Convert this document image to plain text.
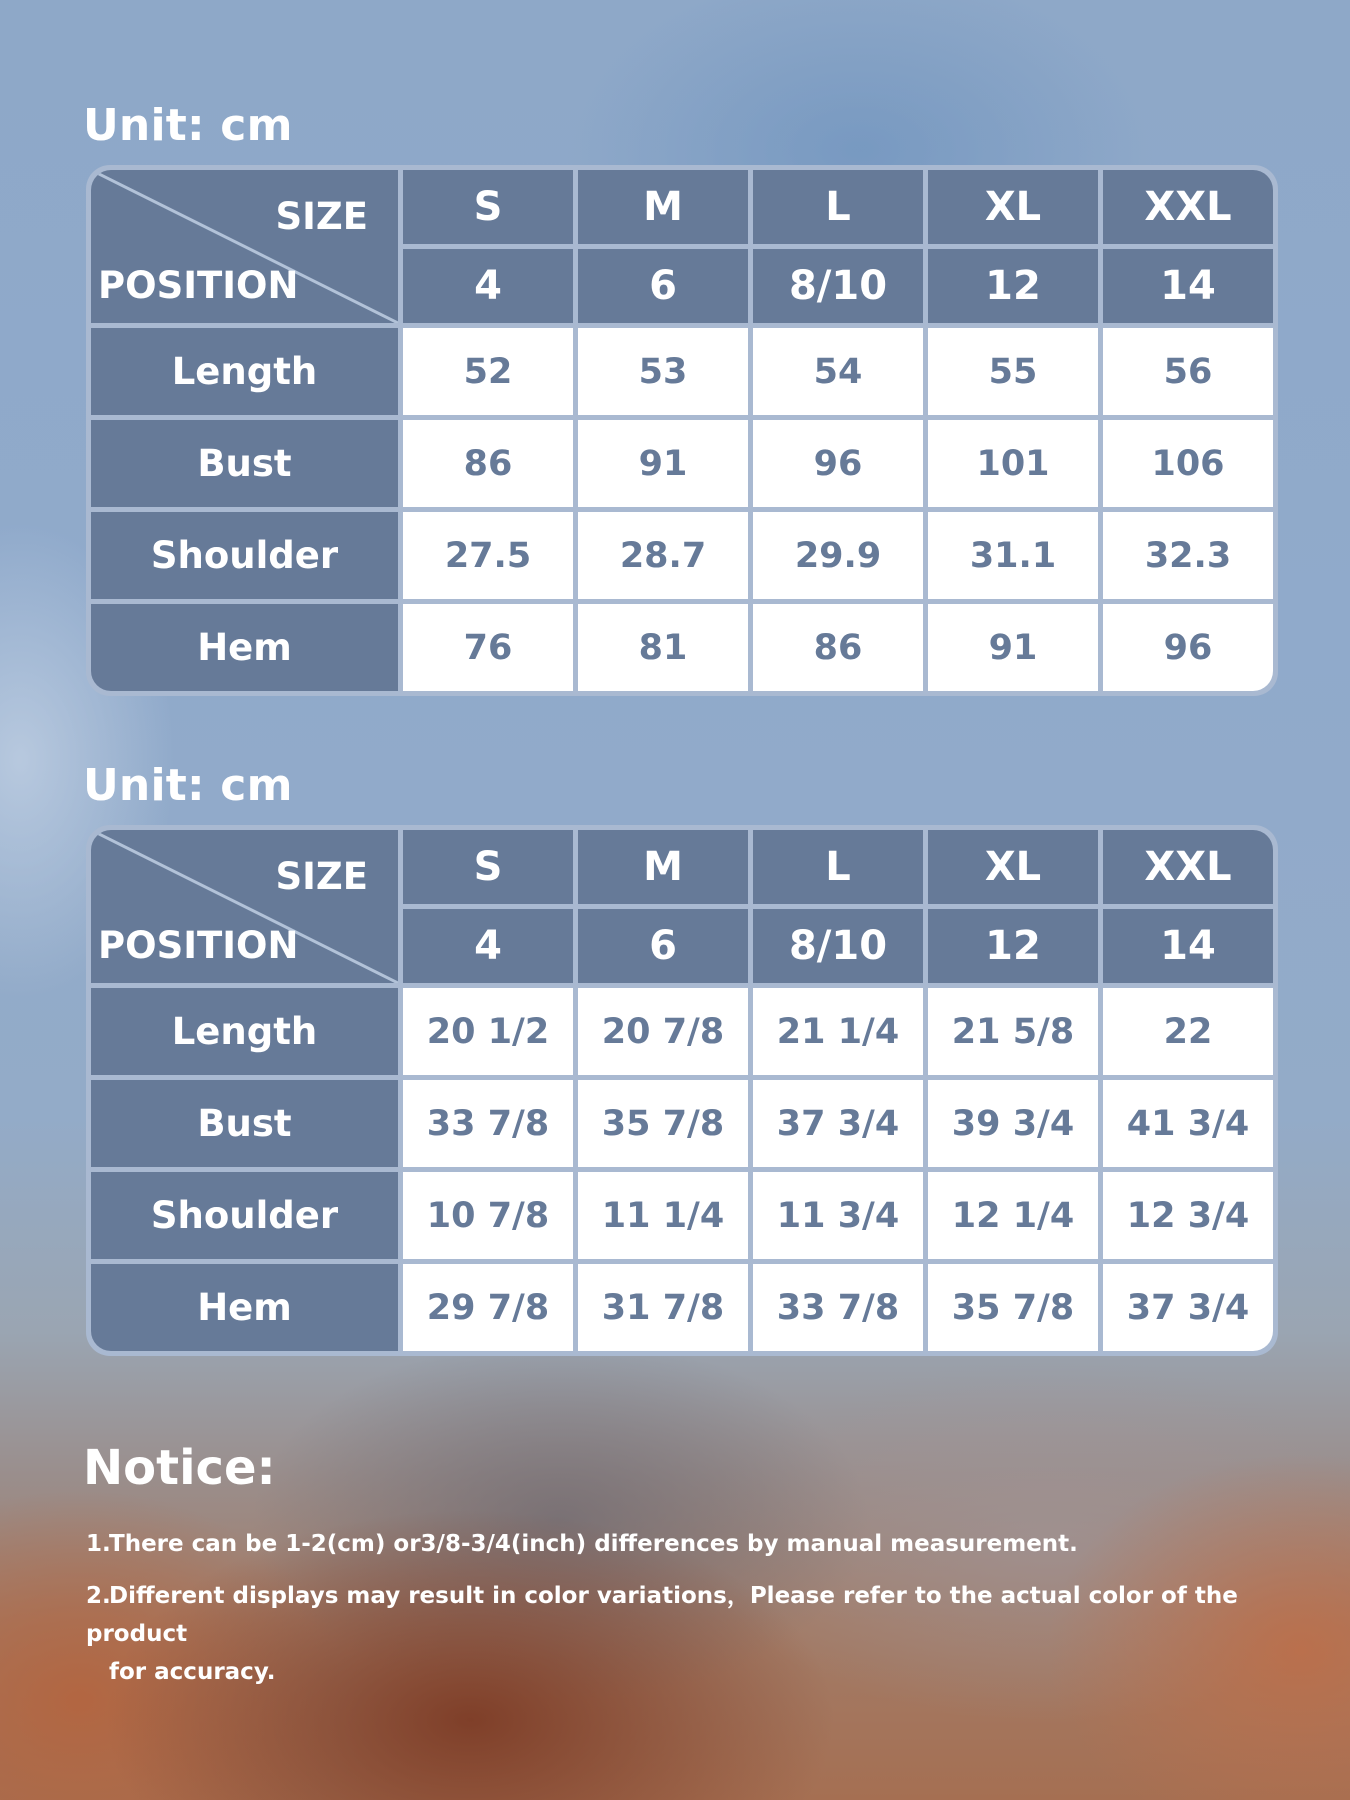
Unit: cm
SIZE
POSITION	S	M	L	XL	XXL
	4	6	8/10	12	14
Length	52	53	54	55	56
Bust	86	91	96	101	106
Shoulder	27.5	28.7	29.9	31.1	32.3
Hem	76	81	86	91	96
Unit: cm
SIZE
POSITION	S	M	L	XL	XXL
	4	6	8/10	12	14
Length	20 1/2	20 7/8	21 1/4	21 5/8	22
Bust	33 7/8	35 7/8	37 3/4	39 3/4	41 3/4
Shoulder	10 7/8	11 1/4	11 3/4	12 1/4	12 3/4
Hem	29 7/8	31 7/8	33 7/8	35 7/8	37 3/4
Notice:

1.There can be 1-2(cm) or3/8-3/4(inch) differences by manual measurement.

2.Different displays may result in color variations，Please refer to the actual color of the product
for accuracy.
